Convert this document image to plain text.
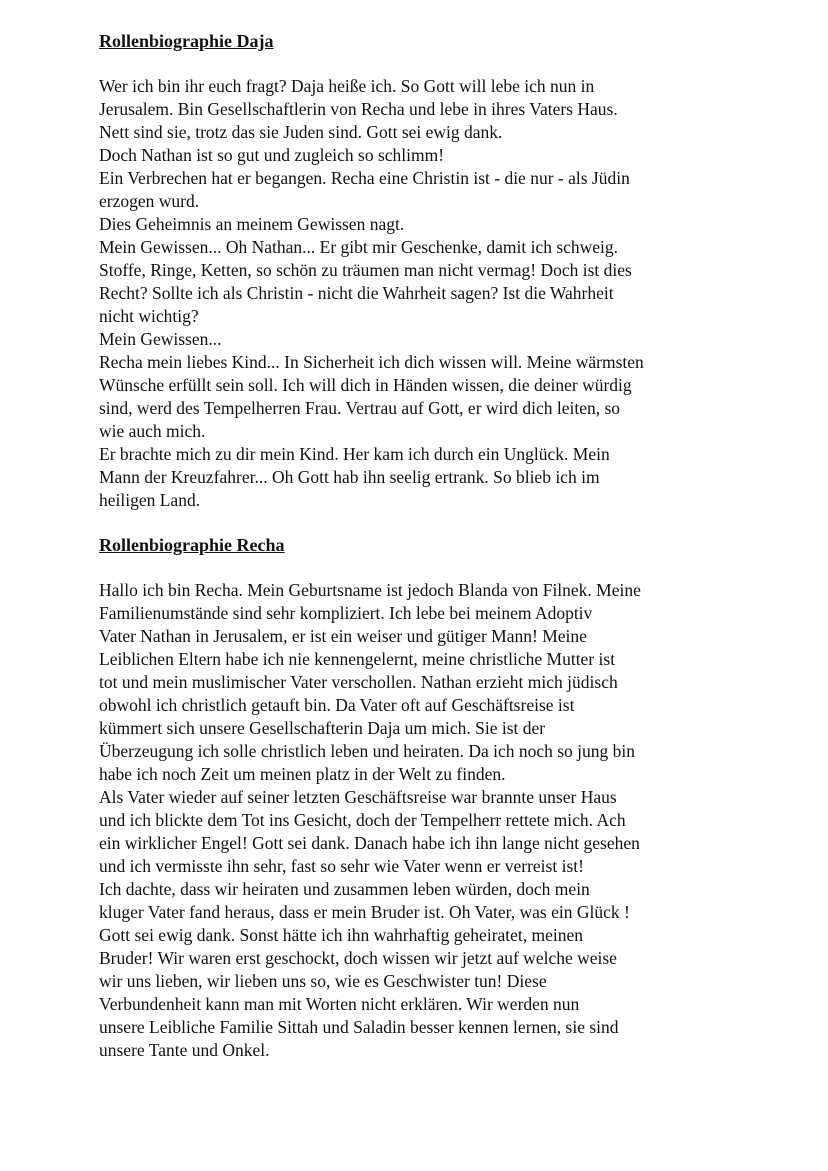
Rollenbiographie Daja
Wer ich bin ihr euch fragt? Daja heiße ich. So Gott will lebe ich nun in
Jerusalem. Bin Gesellschaftlerin von Recha und lebe in ihres Vaters Haus.
Nett sind sie, trotz das sie Juden sind. Gott sei ewig dank.
Doch Nathan ist so gut und zugleich so schlimm!
Ein Verbrechen hat er begangen. Recha eine Christin ist - die nur - als Jüdin
erzogen wurd.
Dies Geheimnis an meinem Gewissen nagt.
Mein Gewissen... Oh Nathan... Er gibt mir Geschenke, damit ich schweig.
Stoffe, Ringe, Ketten, so schön zu träumen man nicht vermag! Doch ist dies
Recht? Sollte ich als Christin - nicht die Wahrheit sagen? Ist die Wahrheit
nicht wichtig?
Mein Gewissen...
Recha mein liebes Kind... In Sicherheit ich dich wissen will. Meine wärmsten
Wünsche erfüllt sein soll. Ich will dich in Händen wissen, die deiner würdig
sind, werd des Tempelherren Frau. Vertrau auf Gott, er wird dich leiten, so
wie auch mich.
Er brachte mich zu dir mein Kind. Her kam ich durch ein Unglück. Mein
Mann der Kreuzfahrer... Oh Gott hab ihn seelig ertrank. So blieb ich im
heiligen Land.
Rollenbiographie Recha
Hallo ich bin Recha. Mein Geburtsname ist jedoch Blanda von Filnek. Meine
Familienumstände sind sehr kompliziert. Ich lebe bei meinem Adoptiv
Vater Nathan in Jerusalem, er ist ein weiser und gütiger Mann! Meine
Leiblichen Eltern habe ich nie kennengelernt, meine christliche Mutter ist
tot und mein muslimischer Vater verschollen. Nathan erzieht mich jüdisch
obwohl ich christlich getauft bin. Da Vater oft auf Geschäftsreise ist
kümmert sich unsere Gesellschafterin Daja um mich. Sie ist der
Überzeugung ich solle christlich leben und heiraten. Da ich noch so jung bin
habe ich noch Zeit um meinen platz in der Welt zu finden.
Als Vater wieder auf seiner letzten Geschäftsreise war brannte unser Haus
und ich blickte dem Tot ins Gesicht, doch der Tempelherr rettete mich. Ach
ein wirklicher Engel! Gott sei dank. Danach habe ich ihn lange nicht gesehen
und ich vermisste ihn sehr, fast so sehr wie Vater wenn er verreist ist!
Ich dachte, dass wir heiraten und zusammen leben würden, doch mein
kluger Vater fand heraus, dass er mein Bruder ist. Oh Vater, was ein Glück !
Gott sei ewig dank. Sonst hätte ich ihn wahrhaftig geheiratet, meinen
Bruder! Wir waren erst geschockt, doch wissen wir jetzt auf welche weise
wir uns lieben, wir lieben uns so, wie es Geschwister tun! Diese
Verbundenheit kann man mit Worten nicht erklären. Wir werden nun
unsere Leibliche Familie Sittah und Saladin besser kennen lernen, sie sind
unsere Tante und Onkel.
